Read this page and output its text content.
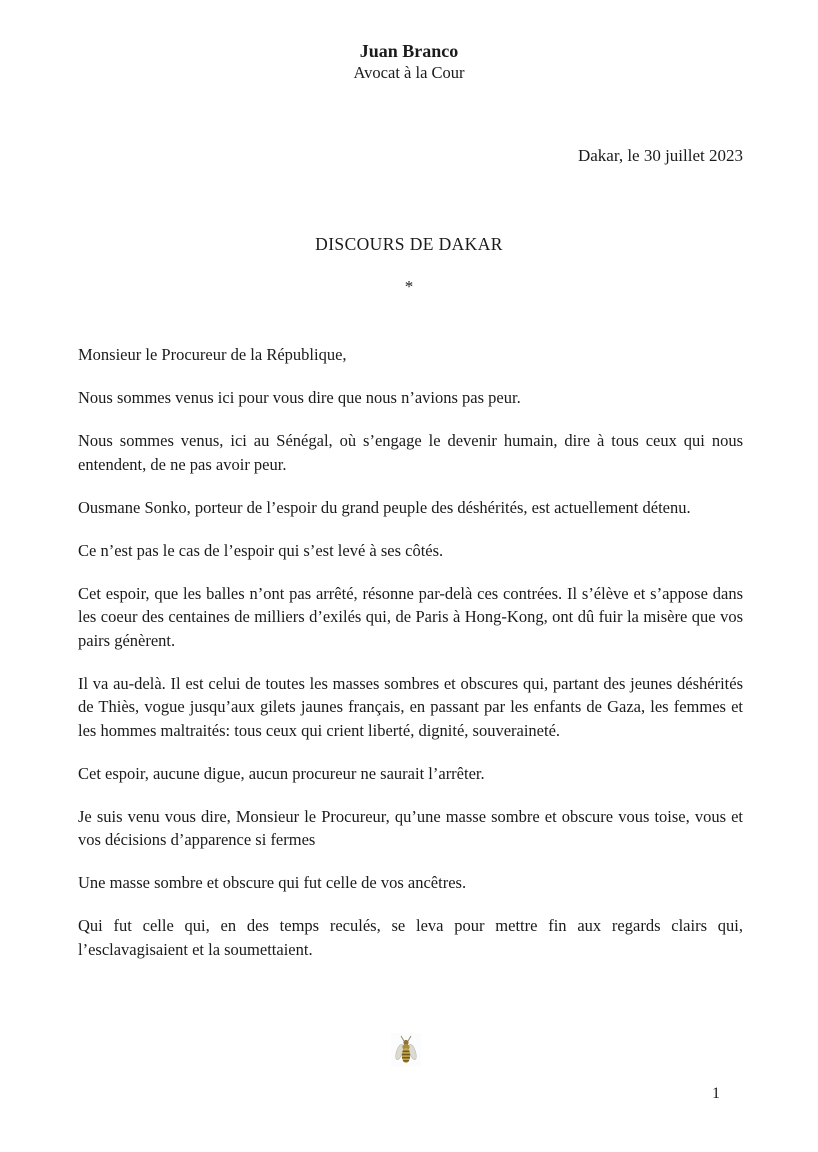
Juan Branco
Avocat à la Cour
Dakar, le 30 juillet 2023
DISCOURS DE DAKAR
*

Monsieur le Procureur de la République,

Nous sommes venus ici pour vous dire que nous n’avions pas peur.

Nous sommes venus, ici au Sénégal, où s’engage le devenir humain, dire à tous ceux qui nous entendent, de ne pas avoir peur.

Ousmane Sonko, porteur de l’espoir du grand peuple des déshérités, est actuellement détenu.

Ce n’est pas le cas de l’espoir qui s’est levé à ses côtés.

Cet espoir, que les balles n’ont pas arrêté, résonne par-delà ces contrées. Il s’élève et s’appose dans les coeur des centaines de milliers d’exilés qui, de Paris à Hong-Kong, ont dû fuir la misère que vos pairs génèrent.

Il va au-delà. Il est celui de toutes les masses sombres et obscures qui, partant des jeunes déshérités de Thiès, vogue jusqu’aux gilets jaunes français, en passant par les enfants de Gaza, les femmes et les hommes maltraités: tous ceux qui crient liberté, dignité, souveraineté.

Cet espoir, aucune digue, aucun procureur ne saurait l’arrêter.

Je suis venu vous dire, Monsieur le Procureur, qu’une masse sombre et obscure vous toise, vous et vos décisions d’apparence si fermes

Une masse sombre et obscure qui fut celle de vos ancêtres.

Qui fut celle qui, en des temps reculés, se leva pour mettre fin aux regards clairs qui, l’esclavagisaient et la soumettaient.

1
